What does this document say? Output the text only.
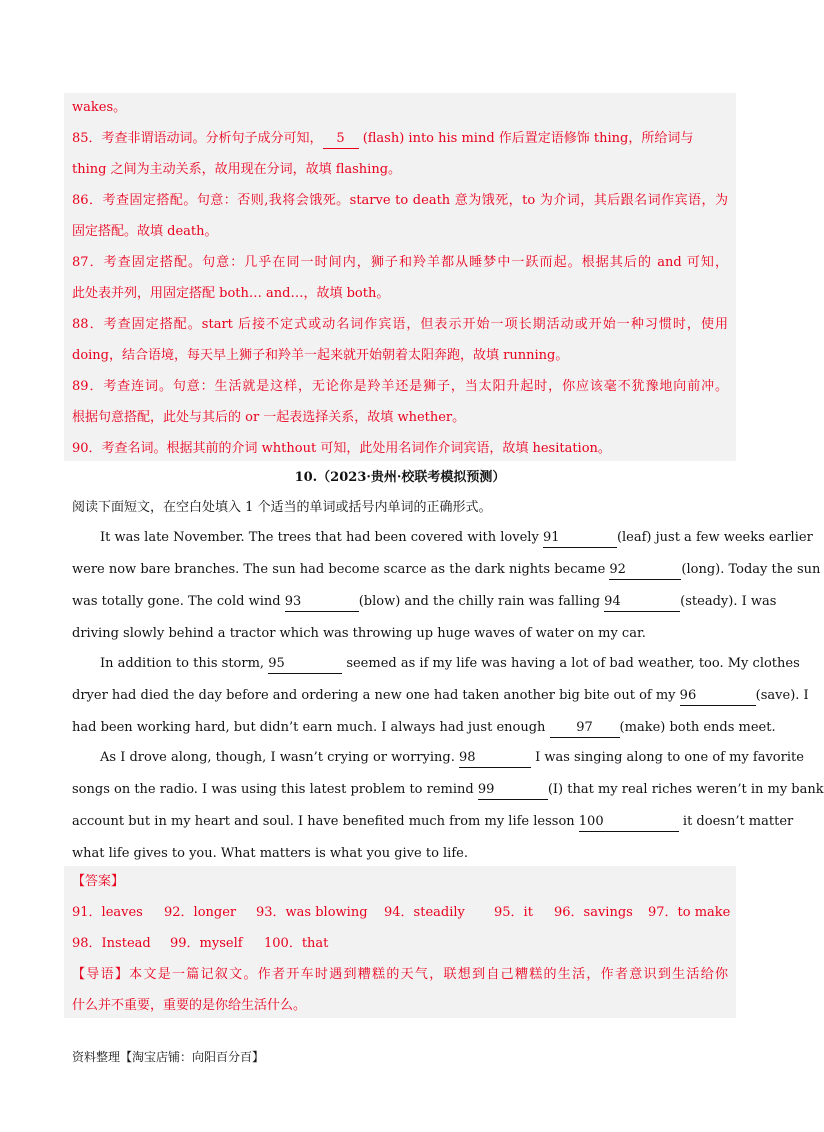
wakes。
85．考查非谓语动词。分析句子成分可知， 5 (flash) into his mind 作后置定语修饰 thing，所给词与
thing 之间为主动关系，故用现在分词，故填 flashing。
86．考查固定搭配。句意：否则,我将会饿死。starve to death 意为饿死，to 为介词，其后跟名词作宾语，为
固定搭配。故填 death。
87．考查固定搭配。句意：几乎在同一时间内，狮子和羚羊都从睡梦中一跃而起。根据其后的 and 可知，
此处表并列，用固定搭配 both… and…，故填 both。
88．考查固定搭配。start 后接不定式或动名词作宾语，但表示开始一项长期活动或开始一种习惯时，使用
doing，结合语境，每天早上狮子和羚羊一起来就开始朝着太阳奔跑，故填 running。
89．考查连词。句意：生活就是这样，无论你是羚羊还是狮子，当太阳升起时，你应该毫不犹豫地向前冲。
根据句意搭配，此处与其后的 or 一起表选择关系，故填 whether。
90．考查名词。根据其前的介词 whthout 可知，此处用名词作介词宾语，故填 hesitation。
10.（2023·贵州·校联考模拟预测）
阅读下面短文，在空白处填入 1 个适当的单词或括号内单词的正确形式。
It was late November. The trees that had been covered with lovely 91	(leaf) just a few weeks earlier
were now bare branches. The sun had become scarce as the dark nights became 92	(long). Today the sun
was totally gone. The cold wind 93	(blow) and the chilly rain was falling 94	(steady). I was
driving slowly behind a tractor which was throwing up huge waves of water on my car.
In addition to this storm, 95	seemed as if my life was having a lot of bad weather, too. My clothes
dryer had died the day before and ordering a new one had taken another big bite out of my 96	(save). I
had been working hard, but didn’t earn much. I always had just enough 97 (make) both ends meet.
As I drove along, though, I wasn’t crying or worrying. 98	I was singing along to one of my favorite
songs on the radio. I was using this latest problem to remind 99	(I) that my real riches weren’t in my bank
account but in my heart and soul. I have benefited much from my life lesson 100	it doesn’t matter
what life gives to you. What matters is what you give to life.
【答案】
91．leaves 92．longer 93．was blowing 94．steadily 95．it 96．savings 97．to make
98．Instead 99．myself 100．that
【导语】本文是一篇记叙文。作者开车时遇到糟糕的天气，联想到自己糟糕的生活，作者意识到生活给你
什么并不重要，重要的是你给生活什么。
资料整理【淘宝店铺：向阳百分百】
